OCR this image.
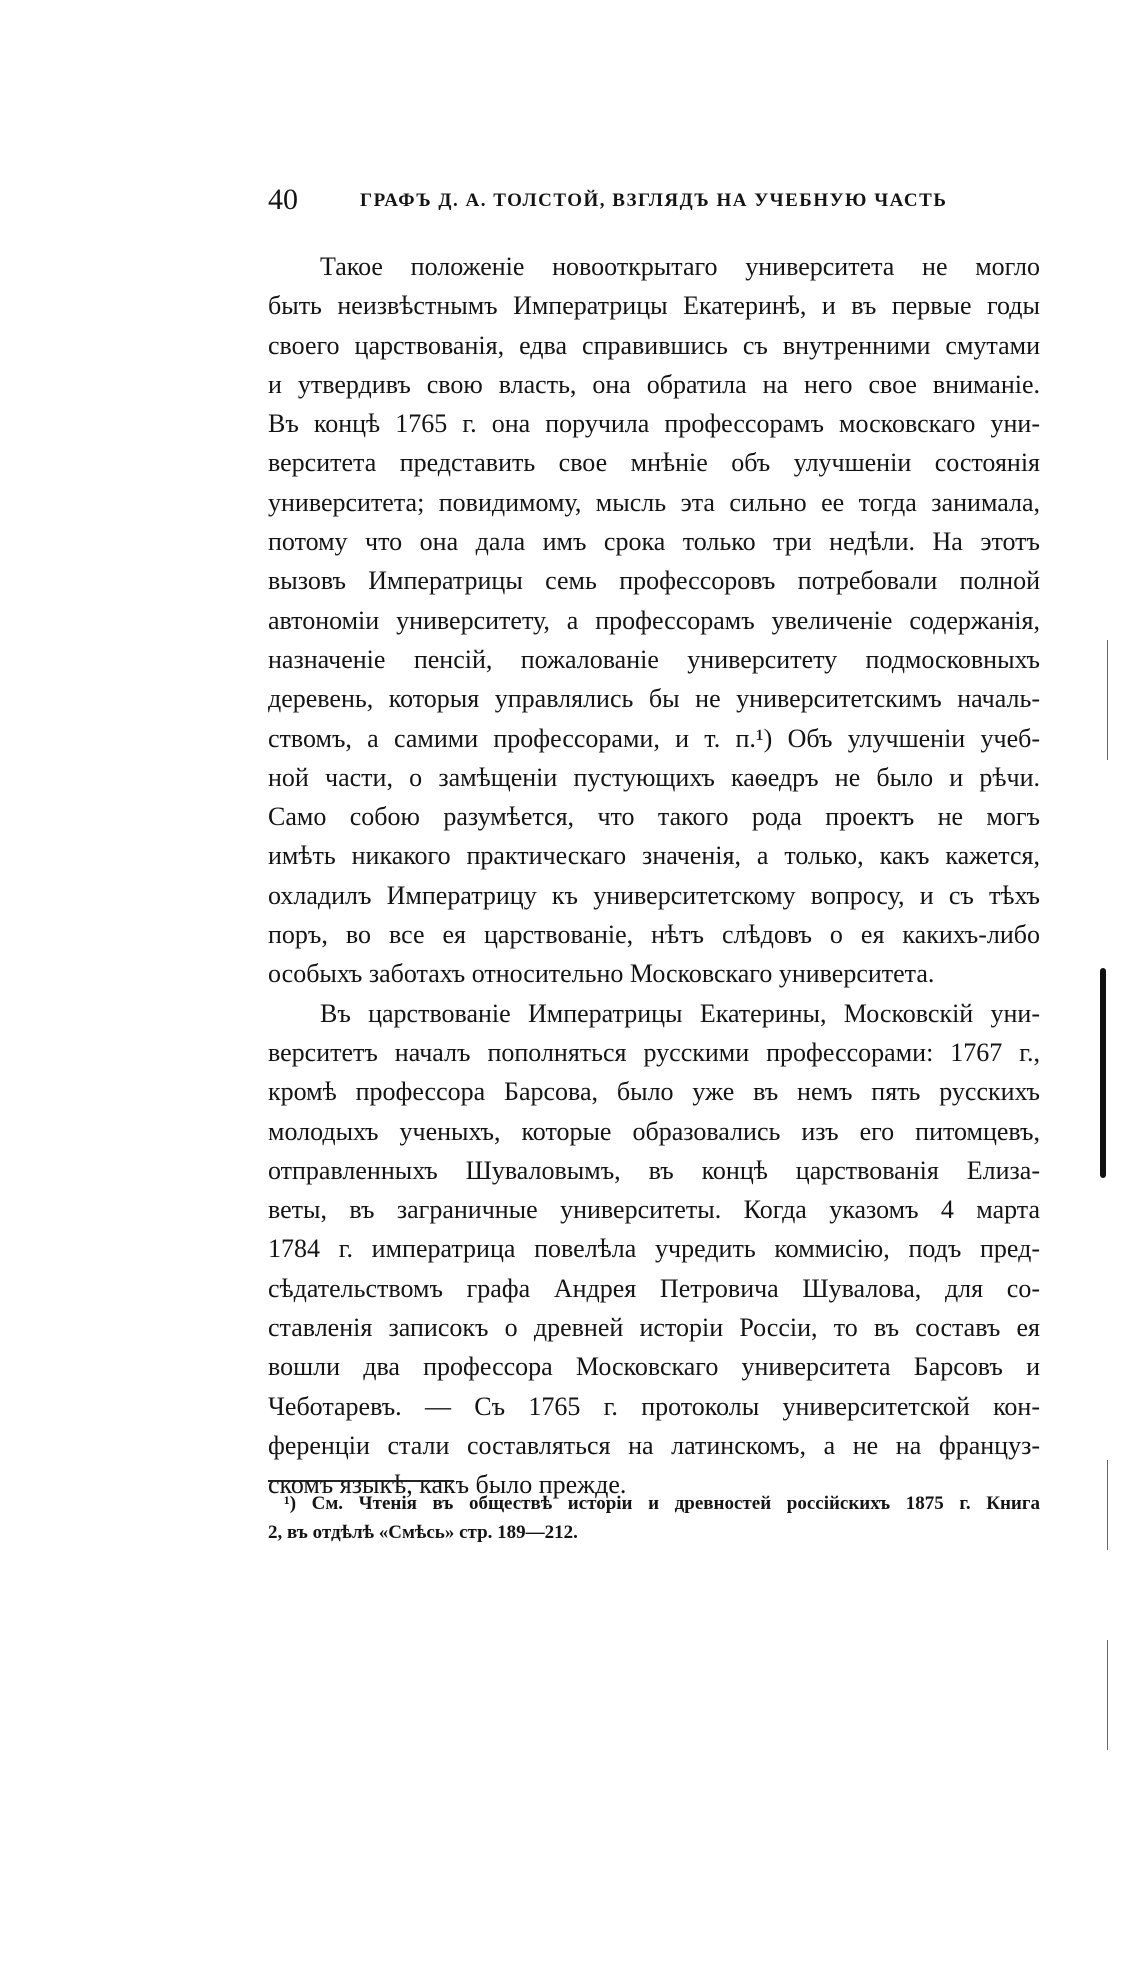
40	ГРАФЪ Д. А. ТОЛСТОЙ, ВЗГЛЯДЪ НА УЧЕБНУЮ ЧАСТЬ
Такое положеніе новооткрытаго университета не могло
быть неизвѣстнымъ Императрицы Екатеринѣ, и въ первые годы
своего царствованія, едва справившись съ внутренними смутами
и утвердивъ свою власть, она обратила на него свое вниманіе.
Въ концѣ 1765 г. она поручила профессорамъ московскаго уни-
верситета представить свое мнѣніе объ улучшеніи состоянія
университета; повидимому, мысль эта сильно ее тогда занимала,
потому что она дала имъ срока только три недѣли. На этотъ
вызовъ Императрицы семь профессоровъ потребовали полной
автономіи университету, а профессорамъ увеличеніе содержанія,
назначеніе пенсій, пожалованіе университету подмосковныхъ
деревень, которыя управлялись бы не университетскимъ началь-
ствомъ, а самими профессорами, и т. п.¹) Объ улучшеніи учеб-
ной части, о замѣщеніи пустующихъ каѳедръ не было и рѣчи.
Само собою разумѣется, что такого рода проектъ не могъ
имѣть никакого практическаго значенія, а только, какъ кажется,
охладилъ Императрицу къ университетскому вопросу, и съ тѣхъ
поръ, во все ея царствованіе, нѣтъ слѣдовъ о ея какихъ-либо
особыхъ заботахъ относительно Московскаго университета.
Въ царствованіе Императрицы Екатерины, Московскій уни-
верситетъ началъ пополняться русскими профессорами: 1767 г.,
кромѣ профессора Барсова, было уже въ немъ пять русскихъ
молодыхъ ученыхъ, которые образовались изъ его питомцевъ,
отправленныхъ Шуваловымъ, въ концѣ царствованія Елиза-
веты, въ заграничные университеты. Когда указомъ 4 марта
1784 г. императрица повелѣла учредить коммисію, подъ пред-
сѣдательствомъ графа Андрея Петровича Шувалова, для со-
ставленія записокъ о древней исторіи Россіи, то въ составъ ея
вошли два профессора Московскаго университета Барсовъ и
Чеботаревъ. — Съ 1765 г. протоколы университетской кон-
ференціи стали составляться на латинскомъ, а не на француз-
скомъ языкѣ, какъ было прежде.
¹) См. Чтенія въ обществѣ исторіи и древностей россійскихъ 1875 г. Книга
2, въ отдѣлѣ «Смѣсь» стр. 189—212.
